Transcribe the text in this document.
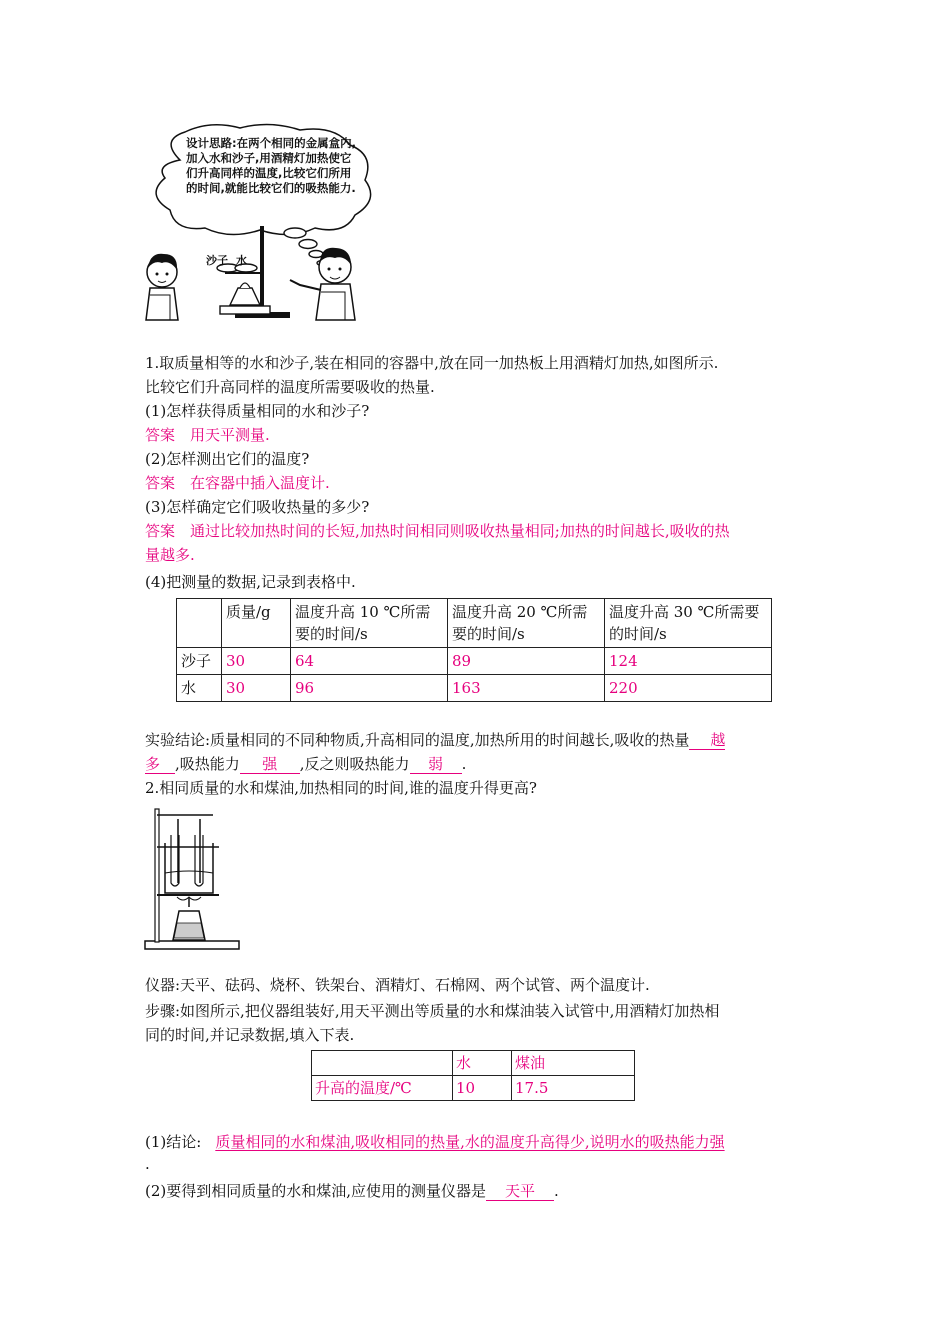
设计思路:在两个相同的金属盒内,加入水和沙子,用酒精灯加热使它们升高同样的温度,比较它们所用的时间,就能比较它们的吸热能力.
沙子 水
1.取质量相等的水和沙子,装在相同的容器中,放在同一加热板上用酒精灯加热,如图所示.
比较它们升高同样的温度所需要吸收的热量.
(1)怎样获得质量相同的水和沙子?
答案　用天平测量.
(2)怎样测出它们的温度?
答案　在容器中插入温度计.
(3)怎样确定它们吸收热量的多少?
答案　通过比较加热时间的长短,加热时间相同则吸收热量相同;加热的时间越长,吸收的热
量越多.
(4)把测量的数据,记录到表格中.
	质量/g	温度升高 10 ℃所需要的时间/s	温度升高 20 ℃所需要的时间/s	温度升高 30 ℃所需要的时间/s
沙子	30	64	89	124
水	30	96	163	220
实验结论:质量相同的不同种物质,升高相同的温度,加热所用的时间越长,吸收的热量 越
多 ,吸热能力 强 ,反之则吸热能力 弱 .
2.相同质量的水和煤油,加热相同的时间,谁的温度升得更高?
仪器:天平、砝码、烧杯、铁架台、酒精灯、石棉网、两个试管、两个温度计.
步骤:如图所示,把仪器组装好,用天平测出等质量的水和煤油装入试管中,用酒精灯加热相
同的时间,并记录数据,填入下表.
	水	煤油
升高的温度/℃	10	17.5
(1)结论: 质量相同的水和煤油,吸收相同的热量,水的温度升高得少,说明水的吸热能力强
.
(2)要得到相同质量的水和煤油,应使用的测量仪器是 天平 .
